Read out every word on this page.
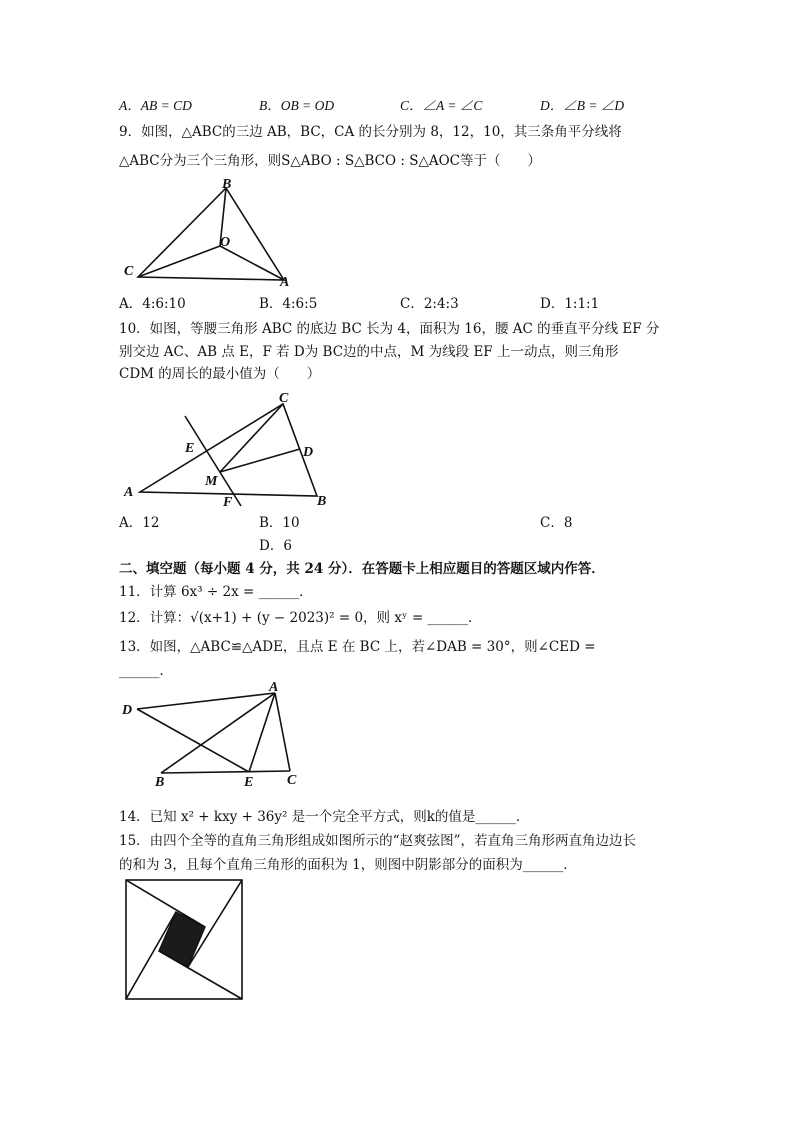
A．AB = CD	B．OB = OD	C．∠A = ∠C	D．∠B = ∠D
9．如图，△ABC的三边 AB，BC，CA 的长分别为 8，12，10，其三条角平分线将
△ABC分为三个三角形，则S△ABO : S△BCO : S△AOC等于（　　）
B
O
C
A
A．4:6:10	B．4:6:5	C．2:4:3	D．1:1:1
10．如图，等腰三角形 ABC 的底边 BC 长为 4，面积为 16，腰 AC 的垂直平分线 EF 分
别交边 AC、AB 点 E，F 若 D为 BC边的中点，M 为线段 EF 上一动点，则三角形
CDM 的周长的最小值为（　　）
C
E	D
M
A
F	B
A．12	B．10	C．8
D．6
二、填空题（每小题 4 分，共 24 分）．在答题卡上相应题目的答题区域内作答．
11．计算 6x³ ÷ 2x = ______．
12．计算：√(x+1) + (y − 2023)² = 0，则 xʸ = ______．
13．如图，△ABC≌△ADE，且点 E 在 BC 上，若∠DAB = 30°，则∠CED =
______．
A
D
B	E C
14．已知 x² + kxy + 36y² 是一个完全平方式，则k的值是______．
15．由四个全等的直角三角形组成如图所示的“赵爽弦图”，若直角三角形两直角边边长
的和为 3，且每个直角三角形的面积为 1，则图中阴影部分的面积为______．
